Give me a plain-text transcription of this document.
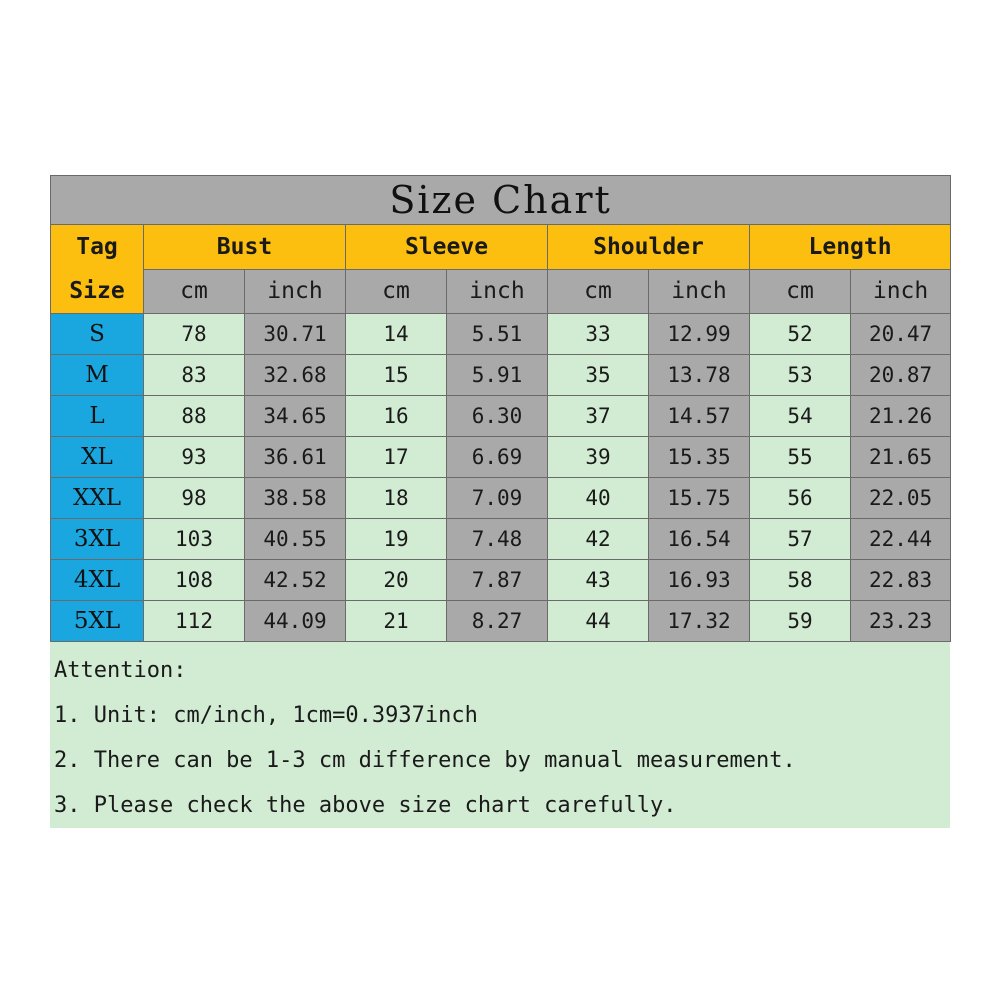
Size Chart								

Tag
Size	Bust		Sleeve		Shoulder		Length	
	cm	inch	cm	inch	cm	inch	cm	inch
S	78	30.71	14	5.51	33	12.99	52	20.47
M	83	32.68	15	5.91	35	13.78	53	20.87
L	88	34.65	16	6.30	37	14.57	54	21.26
XL	93	36.61	17	6.69	39	15.35	55	21.65
XXL	98	38.58	18	7.09	40	15.75	56	22.05
3XL	103	40.55	19	7.48	42	16.54	57	22.44
4XL	108	42.52	20	7.87	43	16.93	58	22.83
5XL	112	44.09	21	8.27	44	17.32	59	23.23
Attention:
1. Unit: cm/inch, 1cm=0.3937inch
2. There can be 1-3 cm difference by manual measurement.
3. Please check the above size chart carefully.
